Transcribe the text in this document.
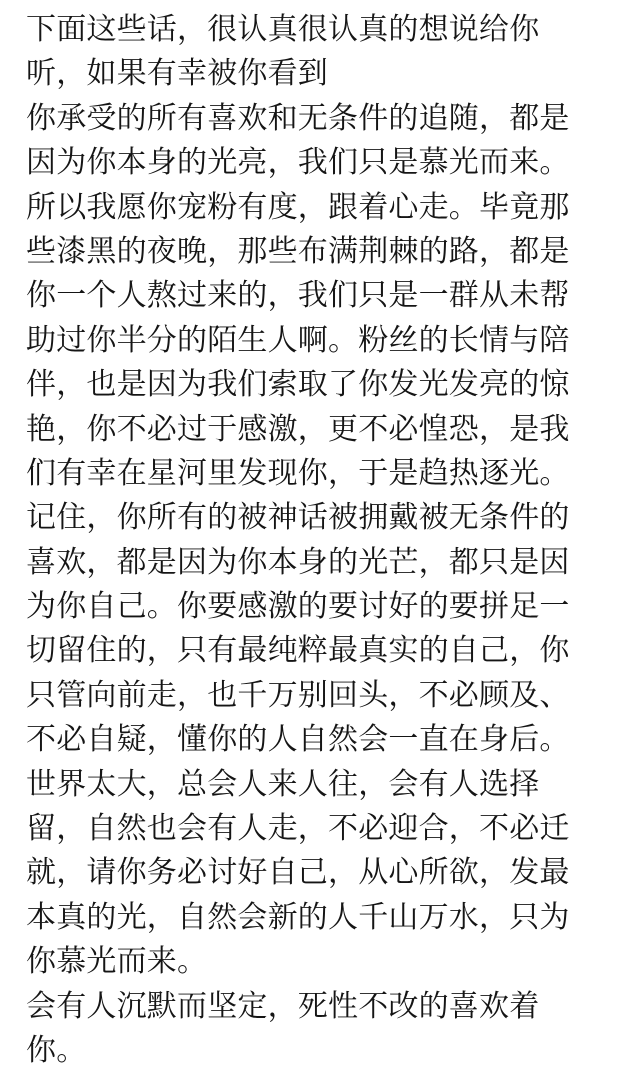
下面这些话，很认真很认真的想说给你
听，如果有幸被你看到
你承受的所有喜欢和无条件的追随，都是
因为你本身的光亮，我们只是慕光而来。
所以我愿你宠粉有度，跟着心走。毕竟那
些漆黑的夜晚，那些布满荆棘的路，都是
你一个人熬过来的，我们只是一群从未帮
助过你半分的陌生人啊。粉丝的长情与陪
伴，也是因为我们索取了你发光发亮的惊
艳，你不必过于感激，更不必惶恐，是我
们有幸在星河里发现你，于是趋热逐光。
记住，你所有的被神话被拥戴被无条件的
喜欢，都是因为你本身的光芒，都只是因
为你自己。你要感激的要讨好的要拼足一
切留住的，只有最纯粹最真实的自己，你
只管向前走，也千万别回头，不必顾及、
不必自疑，懂你的人自然会一直在身后。
世界太大，总会人来人往，会有人选择
留，自然也会有人走，不必迎合，不必迁
就，请你务必讨好自己，从心所欲，发最
本真的光，自然会新的人千山万水，只为
你慕光而来。
会有人沉默而坚定，死性不改的喜欢着
你。
